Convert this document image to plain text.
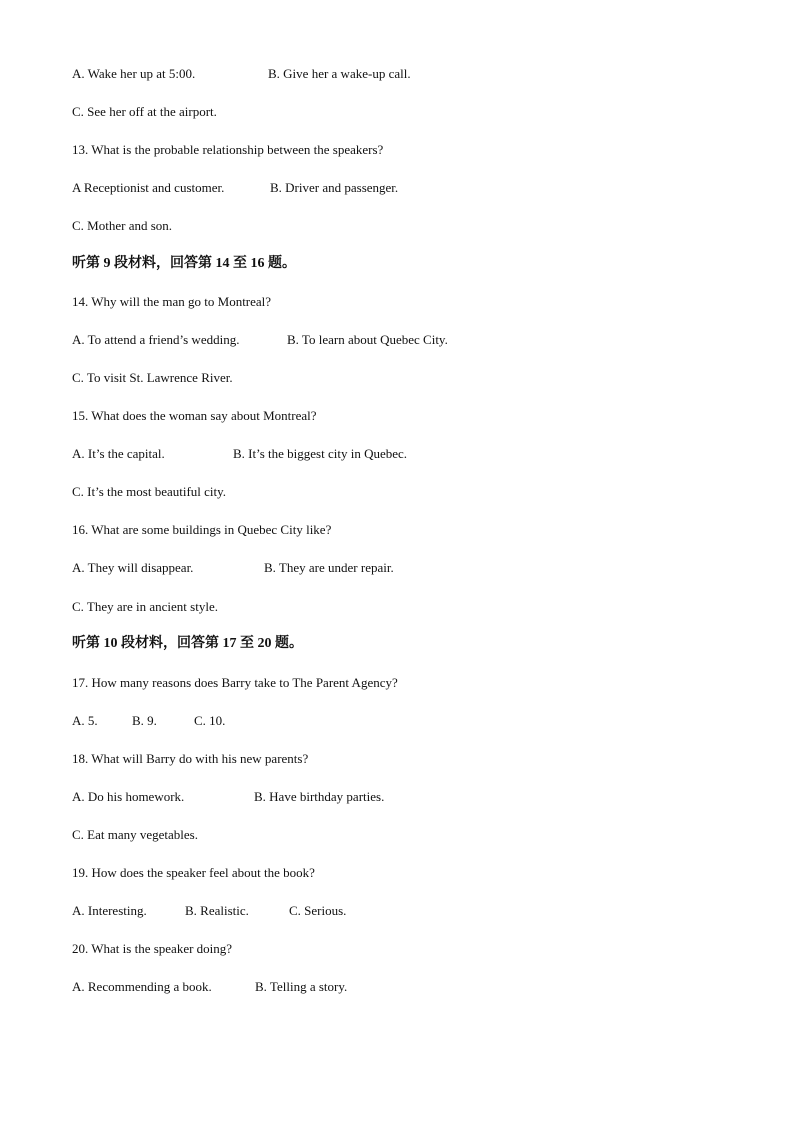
A. Wake her up at 5:00.	B. Give her a wake-up call.
C. See her off at the airport.
13. What is the probable relationship between the speakers?
A Receptionist and customer.	B. Driver and passenger.
C. Mother and son.
听第 9 段材料，回答第 14 至 16 题。
14. Why will the man go to Montreal?
A. To attend a friend’s wedding.	B. To learn about Quebec City.
C. To visit St. Lawrence River.
15. What does the woman say about Montreal?
A. It’s the capital.	B. It’s the biggest city in Quebec.
C. It’s the most beautiful city.
16. What are some buildings in Quebec City like?
A. They will disappear.	B. They are under repair.
C. They are in ancient style.
听第 10 段材料，回答第 17 至 20 题。
17. How many reasons does Barry take to The Parent Agency?
A. 5.	B. 9.	C. 10.
18. What will Barry do with his new parents?
A. Do his homework.	B. Have birthday parties.
C. Eat many vegetables.
19. How does the speaker feel about the book?
A. Interesting.	B. Realistic.	C. Serious.
20. What is the speaker doing?
A. Recommending a book.	B. Telling a story.
